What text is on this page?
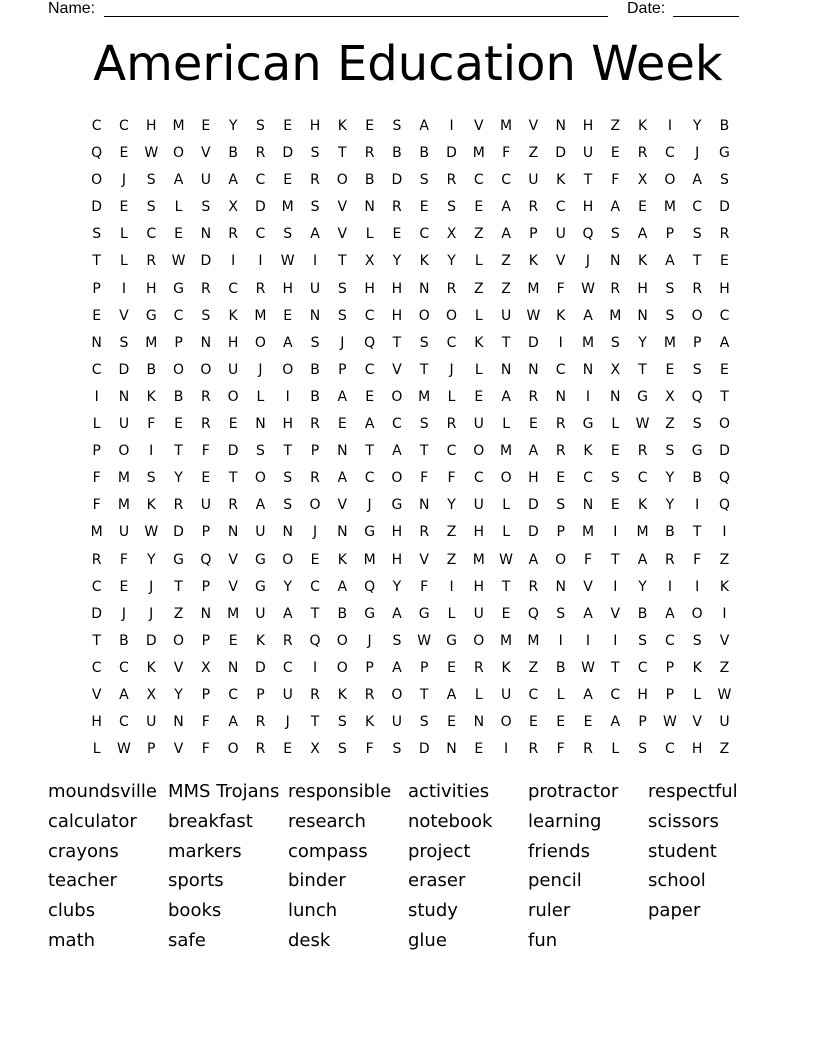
Name:	Date:
American Education Week
C	C	H	M	E	Y	S	E	H	K	E	S	A	I	V	M	V	N	H	Z	K	I	Y	B
Q	E	W	O	V	B	R	D	S	T	R	B	B	D	M	F	Z	D	U	E	R	C	J	G
O	J	S	A	U	A	C	E	R	O	B	D	S	R	C	C	U	K	T	F	X	O	A	S
D	E	S	L	S	X	D	M	S	V	N	R	E	S	E	A	R	C	H	A	E	M	C	D
S	L	C	E	N	R	C	S	A	V	L	E	C	X	Z	A	P	U	Q	S	A	P	S	R
T	L	R	W	D	I	I	W	I	T	X	Y	K	Y	L	Z	K	V	J	N	K	A	T	E
P	I	H	G	R	C	R	H	U	S	H	H	N	R	Z	Z	M	F	W	R	H	S	R	H
E	V	G	C	S	K	M	E	N	S	C	H	O	O	L	U	W	K	A	M	N	S	O	C
N	S	M	P	N	H	O	A	S	J	Q	T	S	C	K	T	D	I	M	S	Y	M	P	A
C	D	B	O	O	U	J	O	B	P	C	V	T	J	L	N	N	C	N	X	T	E	S	E
I	N	K	B	R	O	L	I	B	A	E	O	M	L	E	A	R	N	I	N	G	X	Q	T
L	U	F	E	R	E	N	H	R	E	A	C	S	R	U	L	E	R	G	L	W	Z	S	O
P	O	I	T	F	D	S	T	P	N	T	A	T	C	O	M	A	R	K	E	R	S	G	D
F	M	S	Y	E	T	O	S	R	A	C	O	F	F	C	O	H	E	C	S	C	Y	B	Q
F	M	K	R	U	R	A	S	O	V	J	G	N	Y	U	L	D	S	N	E	K	Y	I	Q
M	U	W	D	P	N	U	N	J	N	G	H	R	Z	H	L	D	P	M	I	M	B	T	I
R	F	Y	G	Q	V	G	O	E	K	M	H	V	Z	M	W	A	O	F	T	A	R	F	Z
C	E	J	T	P	V	G	Y	C	A	Q	Y	F	I	H	T	R	N	V	I	Y	I	I	K
D	J	J	Z	N	M	U	A	T	B	G	A	G	L	U	E	Q	S	A	V	B	A	O	I
T	B	D	O	P	E	K	R	Q	O	J	S	W	G	O	M	M	I	I	I	S	C	S	V
C	C	K	V	X	N	D	C	I	O	P	A	P	E	R	K	Z	B	W	T	C	P	K	Z
V	A	X	Y	P	C	P	U	R	K	R	O	T	A	L	U	C	L	A	C	H	P	L	W
H	C	U	N	F	A	R	J	T	S	K	U	S	E	N	O	E	E	E	A	P	W	V	U
L	W	P	V	F	O	R	E	X	S	F	S	D	N	E	I	R	F	R	L	S	C	H	Z
moundsville
calculator
crayons
teacher
clubs
math
MMS Trojans
breakfast
markers
sports
books
safe
responsible
research
compass
binder
lunch
desk
activities
notebook
project
eraser
study
glue
protractor
learning
friends
pencil
ruler
fun
respectful
scissors
student
school
paper
